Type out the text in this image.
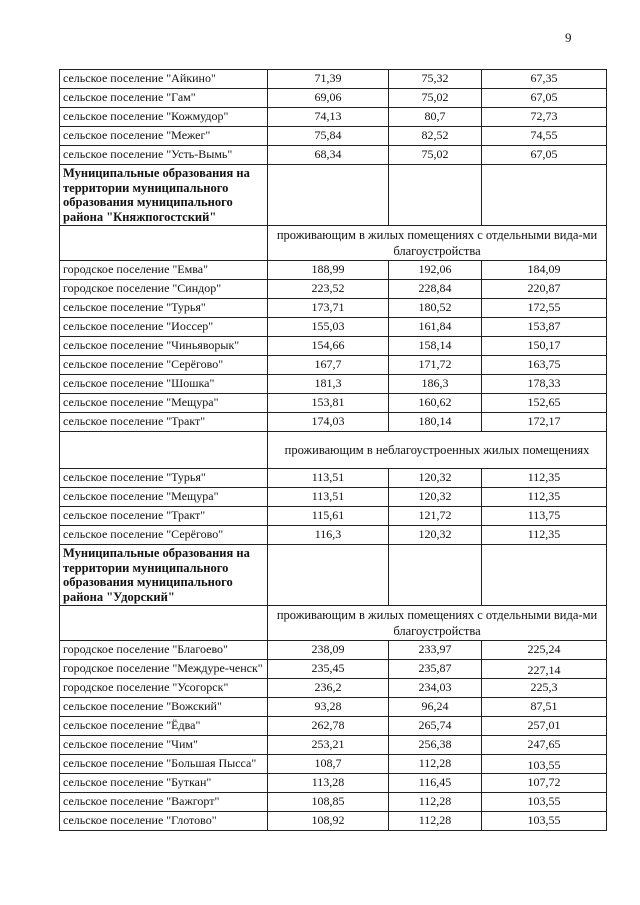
9
сельское поселение "Айкино"	71,39	75,32	67,35
сельское поселение "Гам"	69,06	75,02	67,05
сельское поселение "Кожмудор"	74,13	80,7	72,73
сельское поселение "Межег"	75,84	82,52	74,55
сельское поселение "Усть-Вымь"	68,34	75,02	67,05
Муниципальные образования на территории муниципального образования муниципального района "Княжпогостский"			
	проживающим в жилых помещениях с отдельными вида-ми благоустройства		
городское поселение "Емва"	188,99	192,06	184,09
городское поселение "Синдор"	223,52	228,84	220,87
сельское поселение "Турья"	173,71	180,52	172,55
сельское поселение "Иоссер"	155,03	161,84	153,87
сельское поселение "Чиньяворык"	154,66	158,14	150,17
сельское поселение "Серёгово"	167,7	171,72	163,75
сельское поселение "Шошка"	181,3	186,3	178,33
сельское поселение "Мещура"	153,81	160,62	152,65
сельское поселение "Тракт"	174,03	180,14	172,17
	проживающим в неблагоустроенных жилых помещениях		
сельское поселение "Турья"	113,51	120,32	112,35
сельское поселение "Мещура"	113,51	120,32	112,35
сельское поселение "Тракт"	115,61	121,72	113,75
сельское поселение "Серёгово"	116,3	120,32	112,35
Муниципальные образования на территории муниципального образования муниципального района "Удорский"			
	проживающим в жилых помещениях с отдельными вида-ми благоустройства		
городское поселение "Благоево"	238,09	233,97	225,24
городское поселение "Междуре-ченск"	235,45	235,87	227,14
городское поселение "Усогорск"	236,2	234,03	225,3
сельское поселение "Вожский"	93,28	96,24	87,51
сельское поселение "Ёдва"	262,78	265,74	257,01
сельское поселение "Чим"	253,21	256,38	247,65
сельское поселение "Большая Пысса"	108,7	112,28	103,55
сельское поселение "Буткан"	113,28	116,45	107,72
сельское поселение "Важгорт"	108,85	112,28	103,55
сельское поселение "Глотово"	108,92	112,28	103,55
